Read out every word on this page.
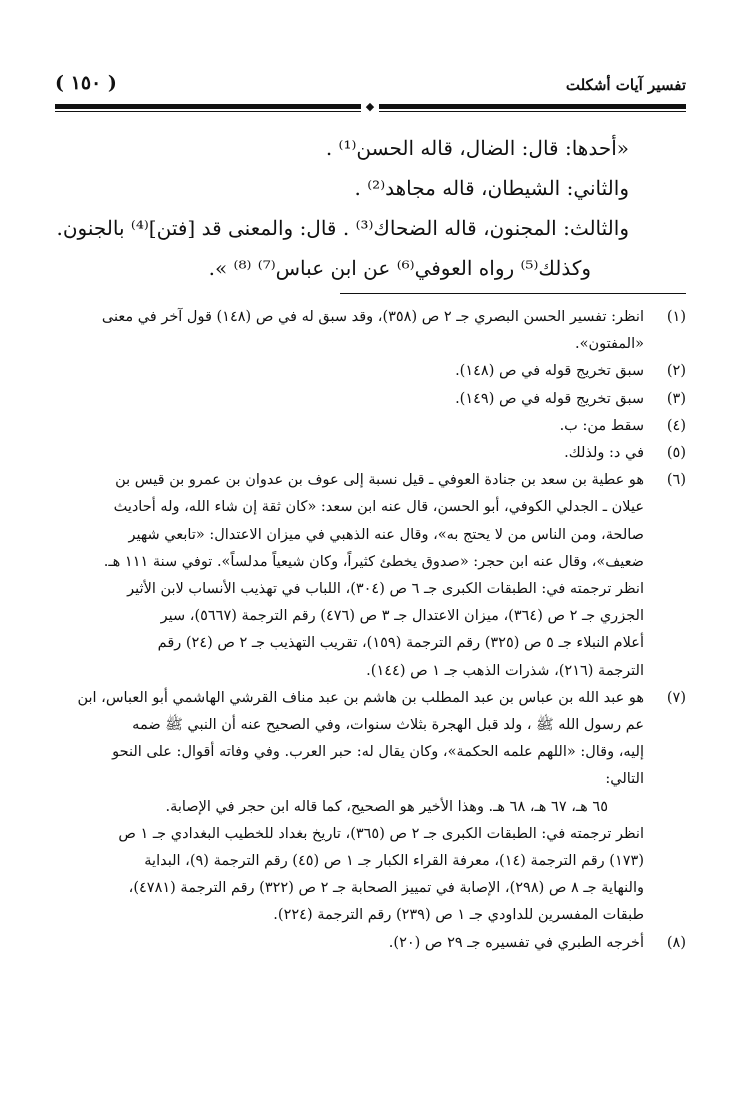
تفسير آيات أشكلت
( ١٥٠ )
◆

«أحدها: قال: الضال، قاله الحسن⁽¹⁾ .

والثاني: الشيطان، قاله مجاهد⁽²⁾ .

والثالث: المجنون، قاله الضحاك⁽³⁾ . قال: والمعنى قد [فتن]⁽⁴⁾ بالجنون.

وكذلك⁽⁵⁾ رواه العوفي⁽⁶⁾ عن ابن عباس⁽⁷⁾ ⁽⁸⁾ ».

(١)
انظر: تفسير الحسن البصري جـ ٢ ص (٣٥٨)، وقد سبق له في ص (١٤٨) قول آخر في معنى
«المفتون».
(٢)
سبق تخريج قوله في ص (١٤٨).
(٣)
سبق تخريج قوله في ص (١٤٩).
(٤)
سقط من: ب.
(٥)
في د: ولذلك.
(٦)
هو عطية بن سعد بن جنادة العوفي ـ قيل نسبة إلى عوف بن عدوان بن عمرو بن قيس بن
عيلان ـ الجدلي الكوفي، أبو الحسن، قال عنه ابن سعد: «كان ثقة إن شاء الله، وله أحاديث
صالحة، ومن الناس من لا يحتج به»، وقال عنه الذهبي في ميزان الاعتدال: «تابعي شهير
ضعيف»، وقال عنه ابن حجر: «صدوق يخطئ كثيراً، وكان شيعياً مدلساً». توفي سنة ١١١ هـ.
انظر ترجمته في: الطبقات الكبرى جـ ٦ ص (٣٠٤)، اللباب في تهذيب الأنساب لابن الأثير
الجزري جـ ٢ ص (٣٦٤)، ميزان الاعتدال جـ ٣ ص (٤٧٦) رقم الترجمة (٥٦٦٧)، سير
أعلام النبلاء جـ ٥ ص (٣٢٥) رقم الترجمة (١٥٩)، تقريب التهذيب جـ ٢ ص (٢٤) رقم
الترجمة (٢١٦)، شذرات الذهب جـ ١ ص (١٤٤).
(٧)
هو عبد الله بن عباس بن عبد المطلب بن هاشم بن عبد مناف القرشي الهاشمي أبو العباس، ابن
عم رسول الله ﷺ ، ولد قبل الهجرة بثلاث سنوات، وفي الصحيح عنه أن النبي ﷺ ضمه
إليه، وقال: «اللهم علمه الحكمة»، وكان يقال له: حبر العرب. وفي وفاته أقوال: على النحو
التالي:
٦٥ هـ، ٦٧ هـ، ٦٨ هـ. وهذا الأخير هو الصحيح، كما قاله ابن حجر في الإصابة.
انظر ترجمته في: الطبقات الكبرى جـ ٢ ص (٣٦٥)، تاريخ بغداد للخطيب البغدادي جـ ١ ص
(١٧٣) رقم الترجمة (١٤)، معرفة القراء الكبار جـ ١ ص (٤٥) رقم الترجمة (٩)، البداية
والنهاية جـ ٨ ص (٢٩٨)، الإصابة في تمييز الصحابة جـ ٢ ص (٣٢٢) رقم الترجمة (٤٧٨١)،
طبقات المفسرين للداودي جـ ١ ص (٢٣٩) رقم الترجمة (٢٢٤).
(٨)
أخرجه الطبري في تفسيره جـ ٢٩ ص (٢٠).
